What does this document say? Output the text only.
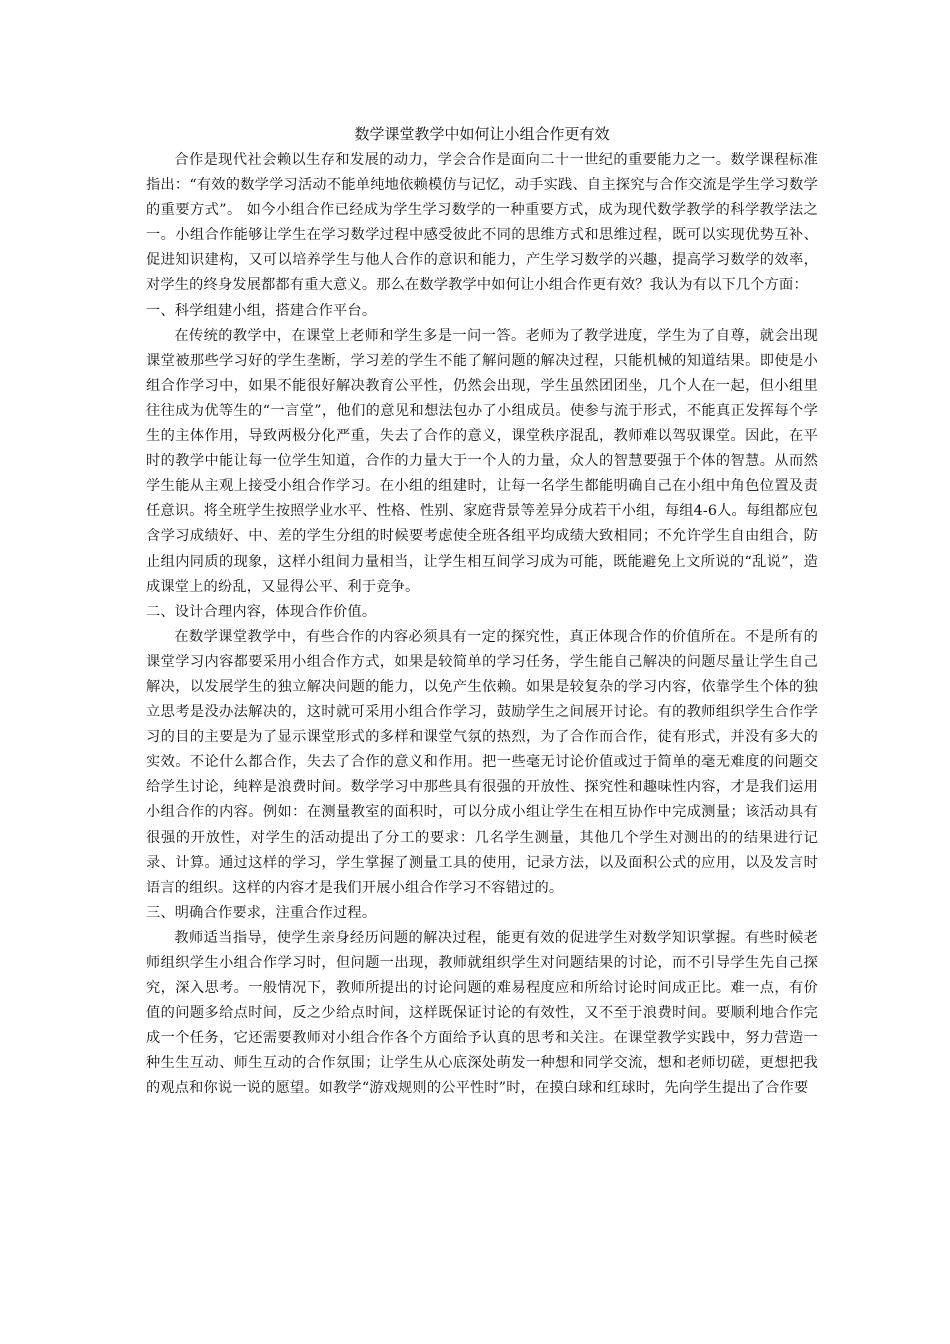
数学课堂教学中如何让小组合作更有效

合作是现代社会赖以生存和发展的动力，学会合作是面向二十一世纪的重要能力之一。数学课程标准指出：“有效的数学学习活动不能单纯地依赖模仿与记忆，动手实践、自主探究与合作交流是学生学习数学的重要方式”。 如今小组合作已经成为学生学习数学的一种重要方式，成为现代数学教学的科学教学法之一。小组合作能够让学生在学习数学过程中感受彼此不同的思维方式和思维过程，既可以实现优势互补、促进知识建构，又可以培养学生与他人合作的意识和能力，产生学习数学的兴趣，提高学习数学的效率，对学生的终身发展都都有重大意义。那么在数学教学中如何让小组合作更有效？我认为有以下几个方面：

一、科学组建小组，搭建合作平台。

在传统的教学中，在课堂上老师和学生多是一问一答。老师为了教学进度，学生为了自尊，就会出现课堂被那些学习好的学生垄断，学习差的学生不能了解问题的解决过程，只能机械的知道结果。即使是小组合作学习中，如果不能很好解决教育公平性，仍然会出现，学生虽然团团坐，几个人在一起，但小组里往往成为优等生的“一言堂”，他们的意见和想法包办了小组成员。使参与流于形式，不能真正发挥每个学生的主体作用，导致两极分化严重，失去了合作的意义，课堂秩序混乱，教师难以驾驭课堂。因此，在平时的教学中能让每一位学生知道，合作的力量大于一个人的力量，众人的智慧要强于个体的智慧。从而然学生能从主观上接受小组合作学习。在小组的组建时，让每一名学生都能明确自己在小组中角色位置及责任意识。将全班学生按照学业水平、性格、性别、家庭背景等差异分成若干小组，每组4-6人。每组都应包含学习成绩好、中、差的学生分组的时候要考虑使全班各组平均成绩大致相同；不允许学生自由组合，防止组内同质的现象，这样小组间力量相当，让学生相互间学习成为可能，既能避免上文所说的“乱说”，造成课堂上的纷乱，又显得公平、利于竞争。

二、设计合理内容，体现合作价值。

在数学课堂教学中，有些合作的内容必须具有一定的探究性，真正体现合作的价值所在。不是所有的课堂学习内容都要采用小组合作方式，如果是较简单的学习任务，学生能自己解决的问题尽量让学生自己解决，以发展学生的独立解决问题的能力，以免产生依赖。如果是较复杂的学习内容，依靠学生个体的独立思考是没办法解决的，这时就可采用小组合作学习，鼓励学生之间展开讨论。有的教师组织学生合作学习的目的主要是为了显示课堂形式的多样和课堂气氛的热烈，为了合作而合作，徒有形式，并没有多大的实效。不论什么都合作，失去了合作的意义和作用。把一些毫无讨论价值或过于简单的毫无难度的问题交给学生讨论，纯粹是浪费时间。数学学习中那些具有很强的开放性、探究性和趣味性内容，才是我们运用小组合作的内容。例如：在测量教室的面积时，可以分成小组让学生在相互协作中完成测量；该活动具有很强的开放性，对学生的活动提出了分工的要求：几名学生测量，其他几个学生对测出的的结果进行记录、计算。通过这样的学习，学生掌握了测量工具的使用，记录方法，以及面积公式的应用，以及发言时语言的组织。这样的内容才是我们开展小组合作学习不容错过的。

三、明确合作要求，注重合作过程。

教师适当指导，使学生亲身经历问题的解决过程，能更有效的促进学生对数学知识掌握。有些时候老师组织学生小组合作学习时，但问题一出现，教师就组织学生对问题结果的讨论，而不引导学生先自己探究，深入思考。一般情况下，教师所提出的讨论问题的难易程度应和所给讨论时间成正比。难一点，有价值的问题多给点时间，反之少给点时间，这样既保证讨论的有效性，又不至于浪费时间。要顺利地合作完成一个任务，它还需要教师对小组合作各个方面给予认真的思考和关注。在课堂教学实践中，努力营造一种生生互动、师生互动的合作氛围；让学生从心底深处萌发一种想和同学交流，想和老师切磋，更想把我的观点和你说一说的愿望。如教学“游戏规则的公平性时”时，在摸白球和红球时，先向学生提出了合作要
